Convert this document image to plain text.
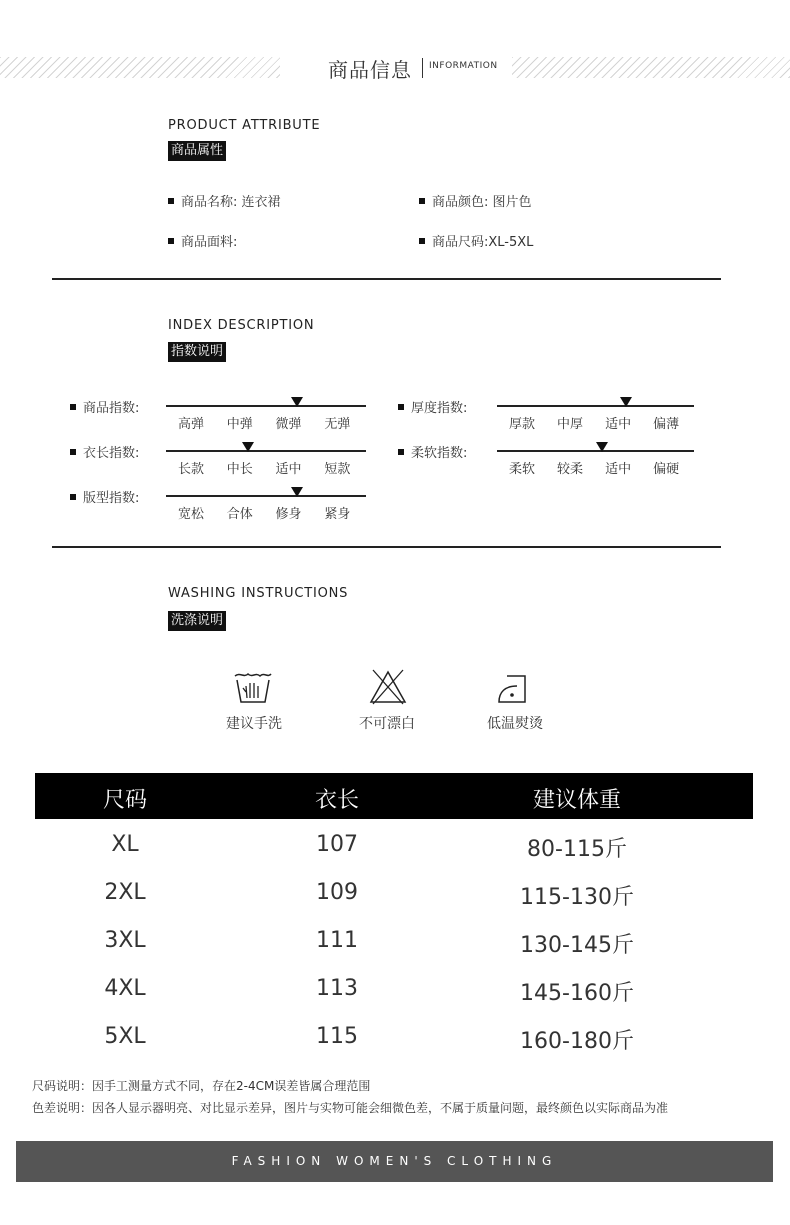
商品信息 INFORMATION
PRODUCT ATTRIBUTE
商品属性
商品名称: 连衣裙	商品颜色: 图片色
商品面料:	商品尺码:XL-5XL
INDEX DESCRIPTION
指数说明
商品指数:
高弹 中弹 微弹 无弹
衣长指数:
长款 中长 适中 短款
版型指数:
宽松 合体 修身 紧身
厚度指数:
厚款 中厚 适中 偏薄
柔软指数:
柔软 较柔 适中 偏硬
WASHING INSTRUCTIONS
洗涤说明
建议手洗	不可漂白	低温熨烫
尺码	衣长	建议体重
XL	107	80-115斤
2XL	109	115-130斤
3XL	111	130-145斤
4XL	113	145-160斤
5XL	115	160-180斤
尺码说明：因手工测量方式不同，存在2-4CM误差皆属合理范围
色差说明：因各人显示器明亮、对比显示差异，图片与实物可能会细微色差，不属于质量问题，最终颜色以实际商品为准
FASHION WOMEN'S CLOTHING
